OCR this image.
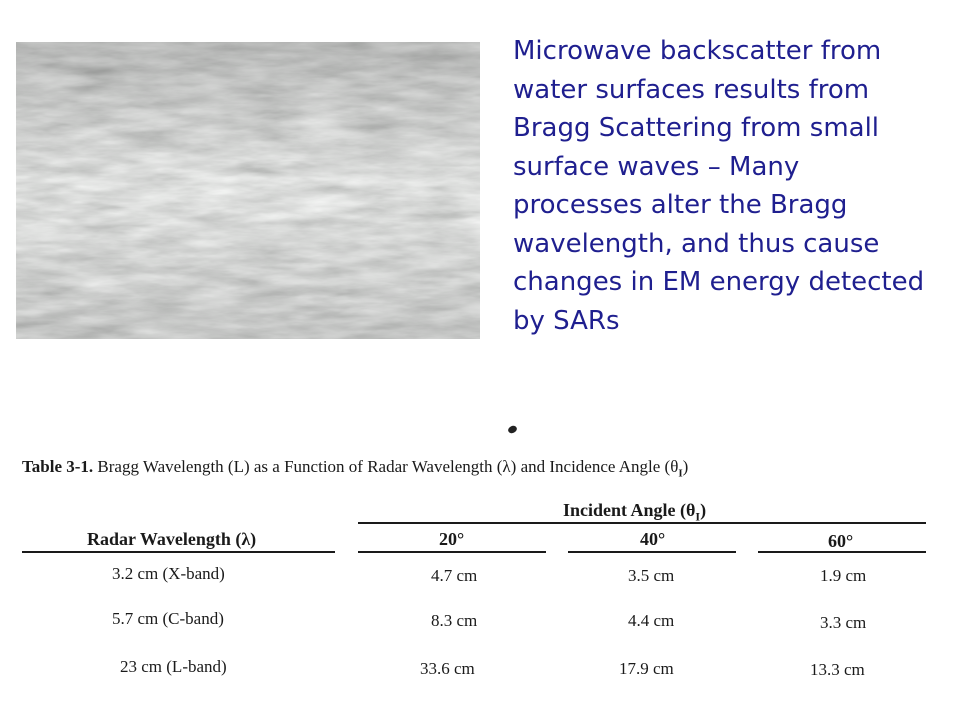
Microwave backscatter from water surfaces results from Bragg Scattering from small surface waves – Many processes alter the Bragg wavelength, and thus cause changes in EM energy detected by SARs

Table 3-1. Bragg Wavelength (L) as a Function of Radar Wavelength (λ) and Incidence Angle $(\theta_I)$
Incident Angle $(\theta_I)$
Radar Wavelength (λ)	20°	40°	60°
3.2 cm (X-band)	4.7 cm	3.5 cm	1.9 cm
5.7 cm (C-band)	8.3 cm	4.4 cm	3.3 cm
23 cm (L-band)	33.6 cm	17.9 cm	13.3 cm
